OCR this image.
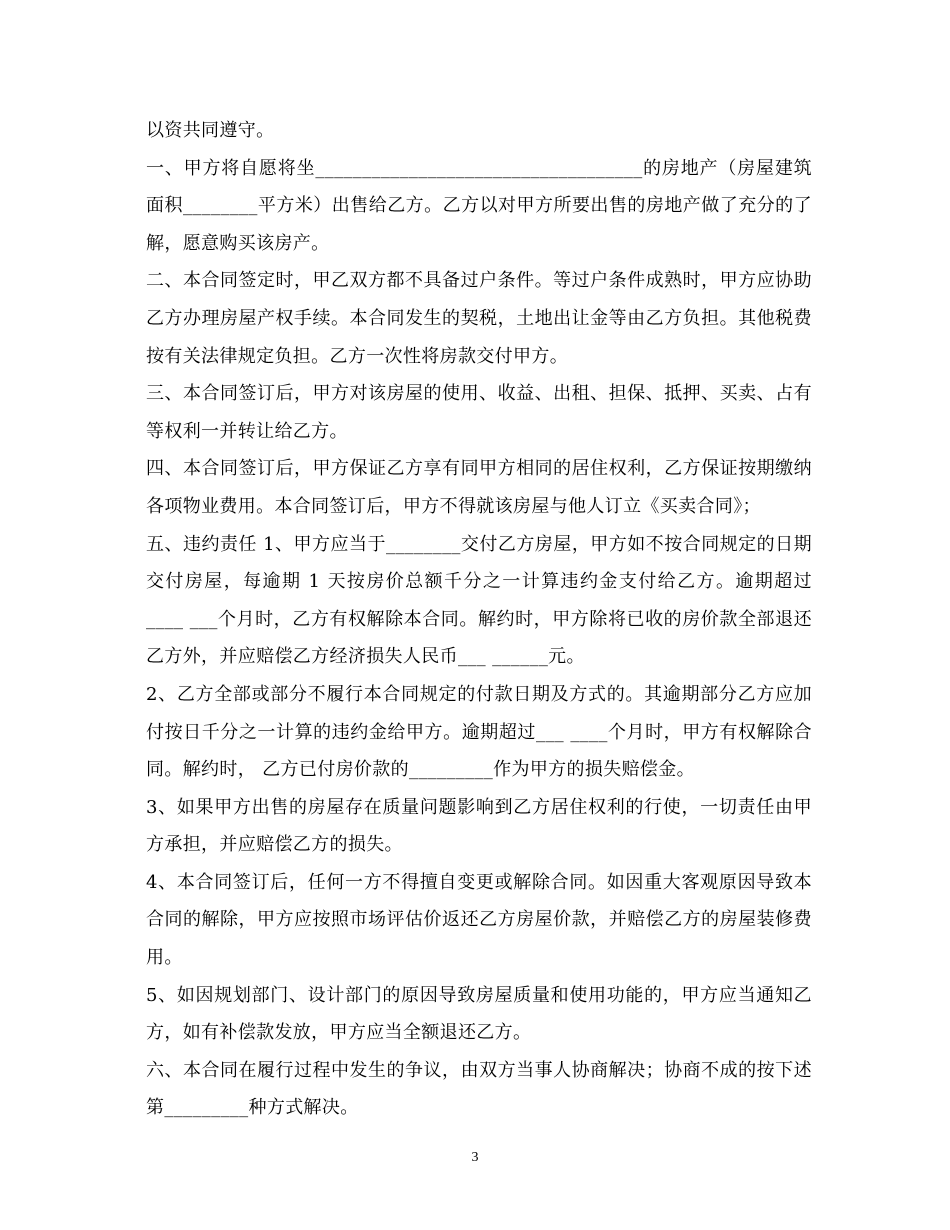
以资共同遵守。

一、甲方将自愿将坐___________________________________的房地产（房屋建筑面积________平方米）出售给乙方。乙方以对甲方所要出售的房地产做了充分的了解，愿意购买该房产。

二、本合同签定时，甲乙双方都不具备过户条件。等过户条件成熟时，甲方应协助乙方办理房屋产权手续。本合同发生的契税，土地出让金等由乙方负担。其他税费按有关法律规定负担。乙方一次性将房款交付甲方。

三、本合同签订后，甲方对该房屋的使用、收益、出租、担保、抵押、买卖、占有等权利一并转让给乙方。

四、本合同签订后，甲方保证乙方享有同甲方相同的居住权利，乙方保证按期缴纳各项物业费用。本合同签订后，甲方不得就该房屋与他人订立《买卖合同》；

五、违约责任 1、甲方应当于________交付乙方房屋，甲方如不按合同规定的日期交付房屋，每逾期 1 天按房价总额千分之一计算违约金支付给乙方。逾期超过____ ___个月时，乙方有权解除本合同。解约时，甲方除将已收的房价款全部退还乙方外，并应赔偿乙方经济损失人民币___ ______元。

2、乙方全部或部分不履行本合同规定的付款日期及方式的。其逾期部分乙方应加付按日千分之一计算的违约金给甲方。逾期超过___ ____个月时，甲方有权解除合同。解约时， 乙方已付房价款的_________作为甲方的损失赔偿金。

3、如果甲方出售的房屋存在质量问题影响到乙方居住权利的行使，一切责任由甲方承担，并应赔偿乙方的损失。

4、本合同签订后，任何一方不得擅自变更或解除合同。如因重大客观原因导致本合同的解除，甲方应按照市场评估价返还乙方房屋价款，并赔偿乙方的房屋装修费用。

5、如因规划部门、设计部门的原因导致房屋质量和使用功能的，甲方应当通知乙方，如有补偿款发放，甲方应当全额退还乙方。

六、本合同在履行过程中发生的争议，由双方当事人协商解决；协商不成的按下述第_________种方式解决。

3
